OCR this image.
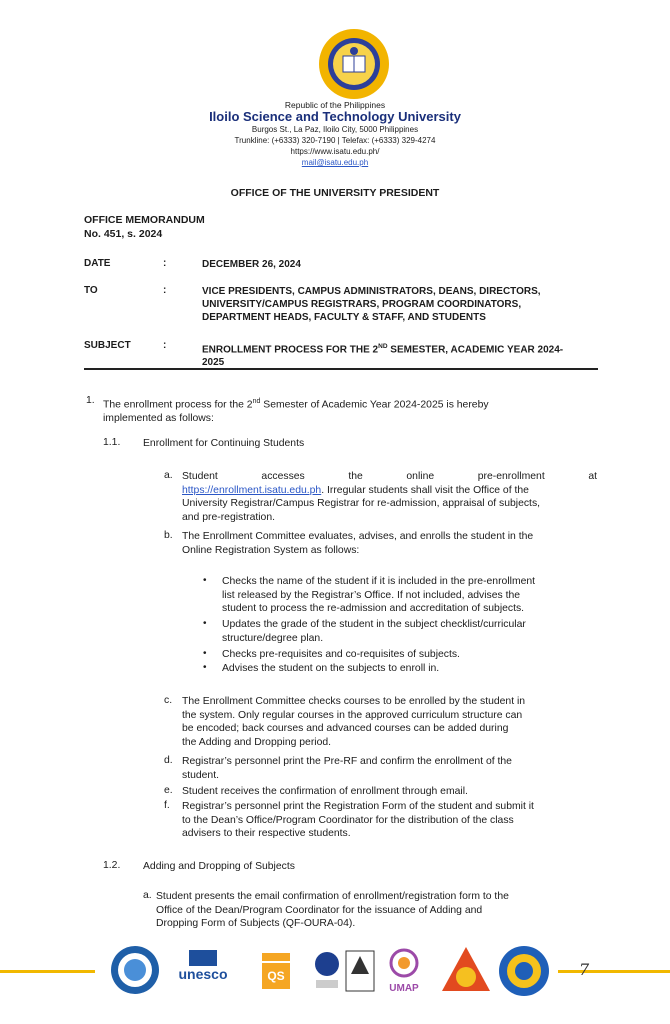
Republic of the Philippines
Iloilo Science and Technology University
Burgos St., La Paz, Iloilo City, 5000 Philippines
Trunkline: (+6333) 320-7190 | Telefax: (+6333) 329-4274
https://www.isatu.edu.ph/
mail@isatu.edu.ph
OFFICE OF THE UNIVERSITY PRESIDENT
OFFICE MEMORANDUM
No. 451, s. 2024
DATE	:	DECEMBER 26, 2024
TO	:	VICE PRESIDENTS, CAMPUS ADMINISTRATORS, DEANS, DIRECTORS,
UNIVERSITY/CAMPUS REGISTRARS, PROGRAM COORDINATORS,
DEPARTMENT HEADS, FACULTY & STAFF, AND STUDENTS
SUBJECT	:	ENROLLMENT PROCESS FOR THE 2ND SEMESTER, ACADEMIC YEAR 2024-
2025
1. The enrollment process for the 2nd Semester of Academic Year 2024-2025 is hereby
implemented as follows:
1.1. Enrollment for Continuing Students
a. Student	accesses	the	online	pre-enrollment	at
https://enrollment.isatu.edu.ph. Irregular students shall visit the Office of the
University Registrar/Campus Registrar for re-admission, appraisal of subjects,
and pre-registration.
b. The Enrollment Committee evaluates, advises, and enrolls the student in the
Online Registration System as follows:
• Checks the name of the student if it is included in the pre-enrollment
list released by the Registrar’s Office. If not included, advises the
student to process the re-admission and accreditation of subjects.
• Updates the grade of the student in the subject checklist/curricular
structure/degree plan.
• Checks pre-requisites and co-requisites of subjects.
• Advises the student on the subjects to enroll in.
c. The Enrollment Committee checks courses to be enrolled by the student in
the system. Only regular courses in the approved curriculum structure can
be encoded; back courses and advanced courses can be added during
the Adding and Dropping period.
d. Registrar’s personnel print the Pre-RF and confirm the enrollment of the
student.
e. Student receives the confirmation of enrollment through email.
f. Registrar’s personnel print the Registration Form of the student and submit it
to the Dean’s Office/Program Coordinator for the distribution of the class
advisers to their respective students.
1.2. Adding and Dropping of Subjects
a. Student presents the email confirmation of enrollment/registration form to the
Office of the Dean/Program Coordinator for the issuance of Adding and
Dropping Form of Subjects (QF-OURA-04).
unesco	QS
UMAP
7
